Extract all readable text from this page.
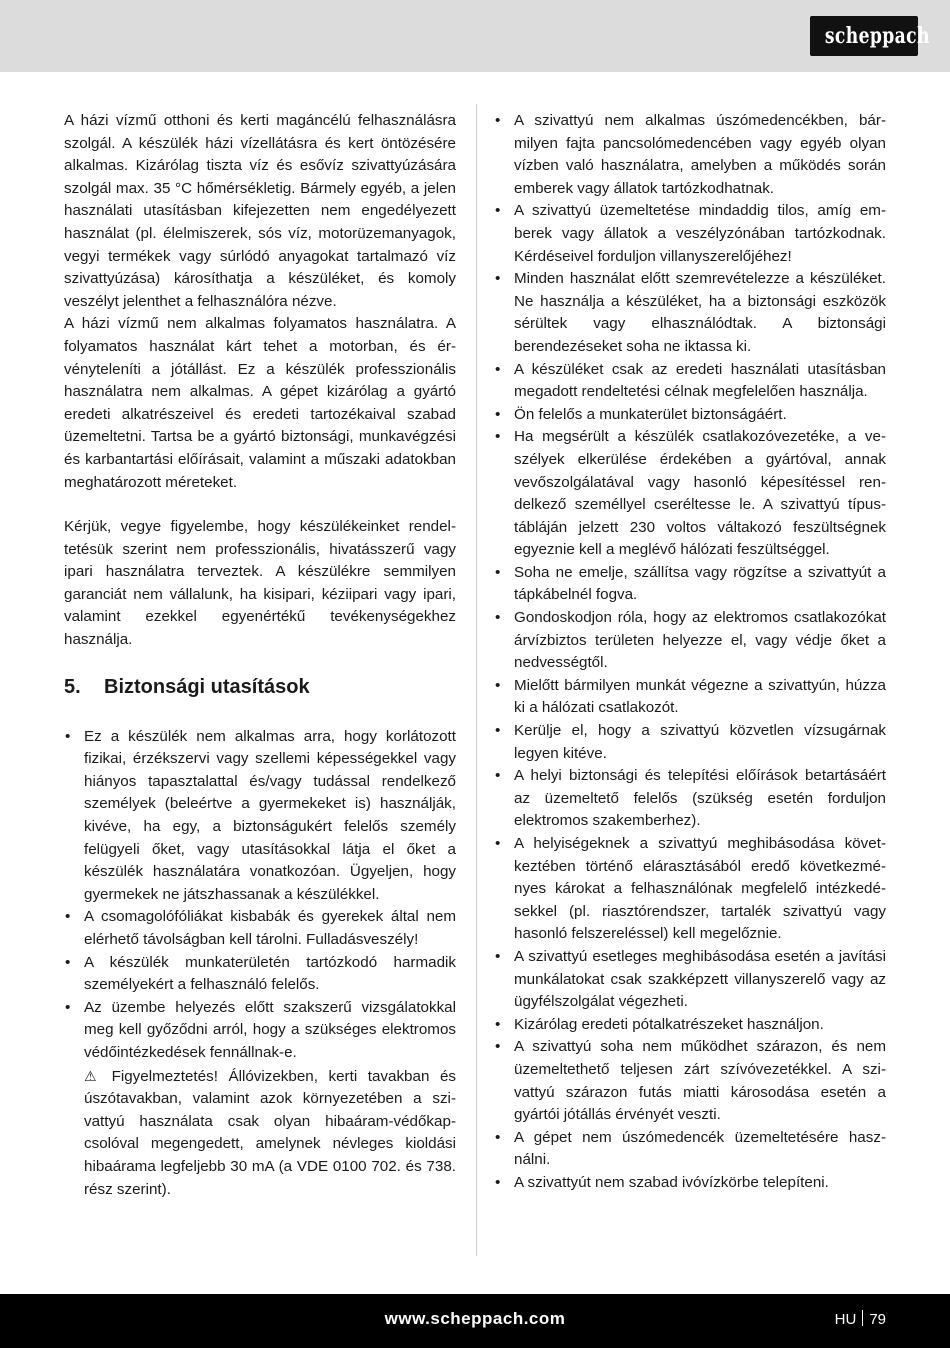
scheppach

A házi vízmű otthoni és kerti magáncélú felhasználásra szolgál. A készülék házi vízellátásra és kert öntözésére alkalmas. Kizárólag tiszta víz és esővíz szivattyúzására szolgál max. 35 °C hőmérsékletig. Bármely egyéb, a jelen használati utasításban kifejezetten nem engedélyezett használat (pl. élelmiszerek, sós víz, motorüzemanyagok, vegyi termékek vagy súrlódó anyagokat tartalmazó víz szivattyúzása) károsíthatja a készüléket, és komoly veszélyt jelenthet a felhasználóra nézve.

A házi vízmű nem alkalmas folyamatos használatra. A folyamatos használat kárt tehet a motorban, és érvényteleníti a jótállást. Ez a készülék professzionális használatra nem alkalmas. A gépet kizárólag a gyártó eredeti alkatrészeivel és eredeti tartozékaival szabad üzemeltetni. Tartsa be a gyártó biztonsági, munkavégzési és karbantartási előírásait, valamint a műszaki adatokban meghatározott méreteket.

Kérjük, vegye figyelembe, hogy készülékeinket rendeltetésük szerint nem professzionális, hivatásszerű vagy ipari használatra terveztek. A készülékre semmilyen garanciát nem vállalunk, ha kisipari, kéziipari vagy ipari, valamint ezekkel egyenértékű tevékenységekhez használja.

5. Biztonsági utasítások
• Ez a készülék nem alkalmas arra, hogy korlátozott fizikai, érzékszervi vagy szellemi képességekkel vagy hiányos tapasztalattal és/vagy tudással rendelkező személyek (beleértve a gyermekeket is) használják, kivéve, ha egy, a biztonságukért felelős személy felügyeli őket, vagy utasításokkal látja el őket a készülék használatára vonatkozóan. Ügyeljen, hogy gyermekek ne játszhassanak a készülékkel.
• A csomagolófóliákat kisbabák és gyerekek által nem elérhető távolságban kell tárolni. Fulladásveszély!
• A készülék munkaterületén tartózkodó harmadik személyekért a felhasználó felelős.
• Az üzembe helyezés előtt szakszerű vizsgálatokkal meg kell győződni arról, hogy a szükséges elektromos védőintézkedések fennállnak-e.

⚠ Figyelmeztetés! Állóvizekben, kerti tavakban és úszótavakban, valamint azok környezetében a szivattyú használata csak olyan hibaáram-védőkapcsolóval megengedett, amelynek névleges kioldási hibaárama legfeljebb 30 mA (a VDE 0100 702. és 738. rész szerint).

• A szivattyú nem alkalmas úszómedencékben, bármilyen fajta pancsolómedencében vagy egyéb olyan vízben való használatra, amelyben a működés során emberek vagy állatok tartózkodhatnak.
• A szivattyú üzemeltetése mindaddig tilos, amíg emberek vagy állatok a veszélyzónában tartózkodnak. Kérdéseivel forduljon villanyszerelőjéhez!
• Minden használat előtt szemrevételezze a készüléket. Ne használja a készüléket, ha a biztonsági eszközök sérültek vagy elhasználódtak. A biztonsági berendezéseket soha ne iktassa ki.
• A készüléket csak az eredeti használati utasításban megadott rendeltetési célnak megfelelően használja.
• Ön felelős a munkaterület biztonságáért.
• Ha megsérült a készülék csatlakozóvezetéke, a veszélyek elkerülése érdekében a gyártóval, annak vevőszolgálatával vagy hasonló képesítéssel rendelkező személlyel cseréltesse le. A szivattyú típustábláján jelzett 230 voltos váltakozó feszültségnek egyeznie kell a meglévő hálózati feszültséggel.
• Soha ne emelje, szállítsa vagy rögzítse a szivattyút a tápkábelnél fogva.
• Gondoskodjon róla, hogy az elektromos csatlakozókat árvízbiztos területen helyezze el, vagy védje őket a nedvességtől.
• Mielőtt bármilyen munkát végezne a szivattyún, húzza ki a hálózati csatlakozót.
• Kerülje el, hogy a szivattyú közvetlen vízsugárnak legyen kitéve.
• A helyi biztonsági és telepítési előírások betartásáért az üzemeltető felelős (szükség esetén forduljon elektromos szakemberhez).
• A helyiségeknek a szivattyú meghibásodása következtében történő elárasztásából eredő következményes károkat a felhasználónak megfelelő intézkedésekkel (pl. riasztórendszer, tartalék szivattyú vagy hasonló felszereléssel) kell megelőznie.
• A szivattyú esetleges meghibásodása esetén a javítási munkálatokat csak szakképzett villanyszerelő vagy az ügyfélszolgálat végezheti.
• Kizárólag eredeti pótalkatrészeket használjon.
• A szivattyú soha nem működhet szárazon, és nem üzemeltethető teljesen zárt szívóvezetékkel. A szivattyú szárazon futás miatti károsodása esetén a gyártói jótállás érvényét veszti.
• A gépet nem úszómedencék üzemeltetésére használni.
• A szivattyút nem szabad ivóvízkörbe telepíteni.
www.scheppach.com	HU 79
